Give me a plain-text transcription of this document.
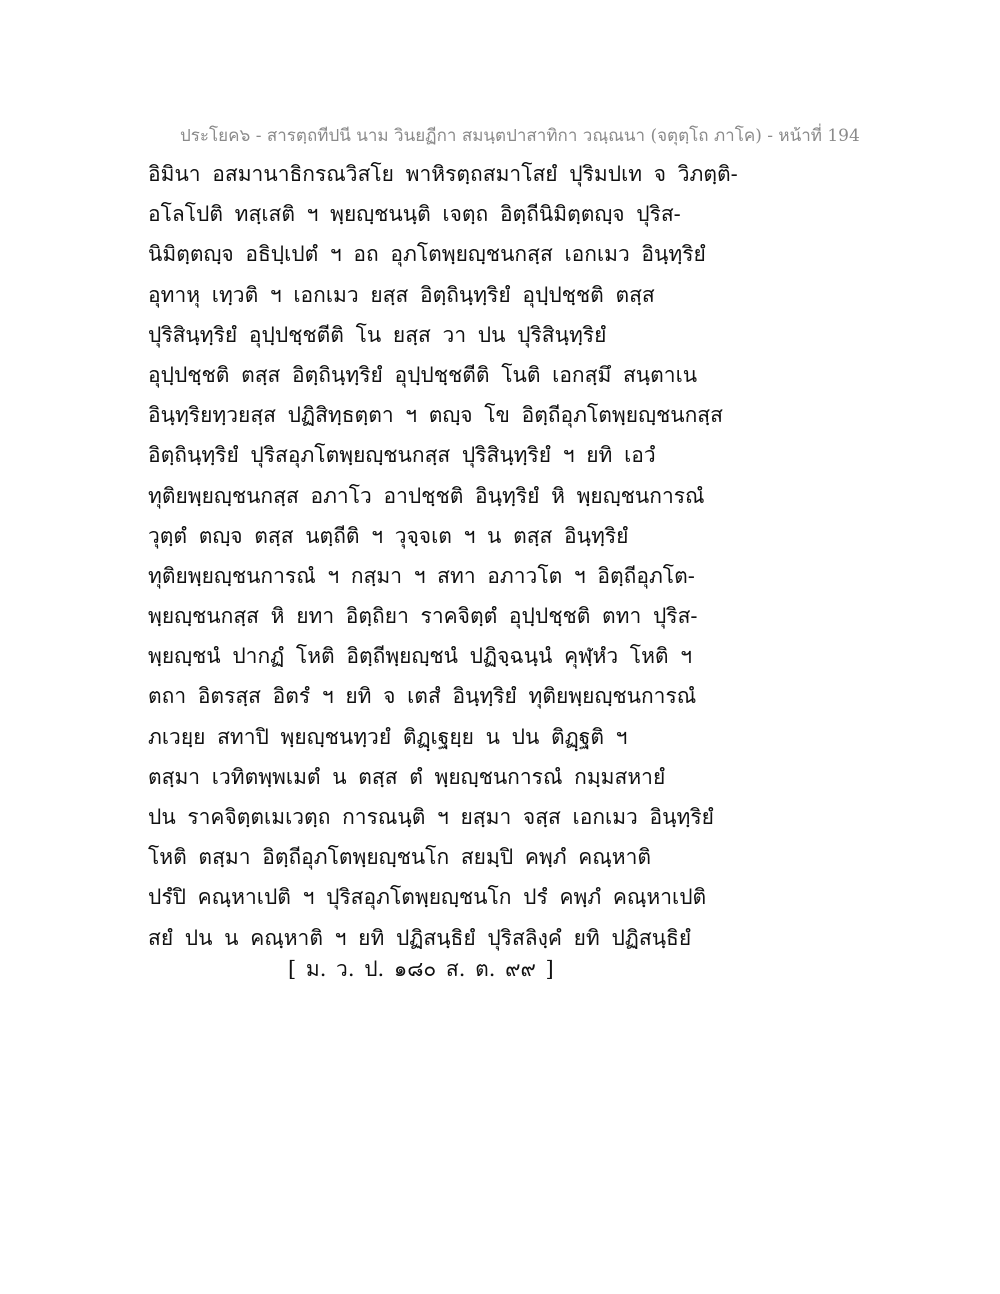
ประโยค๖ - สารตฺถทีปนี นาม วินยฏีกา สมนฺตปาสาทิกา วณฺณนา (จตุตฺโถ ภาโค) - หน้าที่ 194
อิมินา อสมานาธิกรณวิสโย พาหิรตฺถสมาโสยํ ปุริมปเท จ วิภตฺติ-
อโลโปติ ทสฺเสติ ฯ พฺยญฺชนนฺติ เจตฺถ อิตฺถีนิมิตฺตญฺจ ปุริส-
นิมิตฺตญฺจ อธิปฺเปตํ ฯ อถ อุภโตพฺยญฺชนกสฺส เอกเมว อินฺทฺริยํ
อุทาหุ เทฺวติ ฯ เอกเมว ยสฺส อิตฺถินฺทฺริยํ อุปฺปชฺชติ ตสฺส
ปุริสินฺทฺริยํ อุปฺปชฺชตีติ โน ยสฺส วา ปน ปุริสินฺทฺริยํ
อุปฺปชฺชติ ตสฺส อิตฺถินฺทฺริยํ อุปฺปชฺชตีติ โนติ เอกสฺมึ สนฺตาเน
อินฺทฺริยทฺวยสฺส ปฏิสิทฺธตฺตา ฯ ตญฺจ โข อิตฺถีอุภโตพฺยญฺชนกสฺส
อิตฺถินฺทฺริยํ ปุริสอุภโตพฺยญฺชนกสฺส ปุริสินฺทฺริยํ ฯ ยทิ เอวํ
ทุติยพฺยญฺชนกสฺส อภาโว อาปชฺชติ อินฺทฺริยํ หิ พฺยญฺชนการณํ
วุตฺตํ ตญฺจ ตสฺส นตฺถีติ ฯ วุจฺจเต ฯ น ตสฺส อินฺทฺริยํ
ทุติยพฺยญฺชนการณํ ฯ กสฺมา ฯ สทา อภาวโต ฯ อิตฺถีอุภโต-
พฺยญฺชนกสฺส หิ ยทา อิตฺถิยา ราคจิตฺตํ อุปฺปชฺชติ ตทา ปุริส-
พฺยญฺชนํ ปากฏํ โหติ อิตฺถีพฺยญฺชนํ ปฏิจฺฉนฺนํ คุฬฺหํว โหติ ฯ
ตถา อิตรสฺส อิตรํ ฯ ยทิ จ เตสํ อินฺทฺริยํ ทุติยพฺยญฺชนการณํ
ภเวยฺย สทาปิ พฺยญฺชนทฺวยํ ติฏฺเฐยฺย น ปน ติฏฺฐติ ฯ
ตสฺมา เวทิตพฺพเมตํ น ตสฺส ตํ พฺยญฺชนการณํ กมฺมสหายํ
ปน ราคจิตฺตเมเวตฺถ การณนฺติ ฯ ยสฺมา จสฺส เอกเมว อินฺทฺริยํ
โหติ ตสฺมา อิตฺถีอุภโตพฺยญฺชนโก สยมฺปิ คพฺภํ คณฺหาติ
ปรํปิ คณฺหาเปติ ฯ ปุริสอุภโตพฺยญฺชนโก ปรํ คพฺภํ คณฺหาเปติ
สยํ ปน น คณฺหาติ ฯ ยทิ ปฏิสนฺธิยํ ปุริสลิงฺคํ ยทิ ปฏิสนฺธิยํ
[ ม. ว. ป. ๑๘๐ ส. ต. ๙๙ ]
